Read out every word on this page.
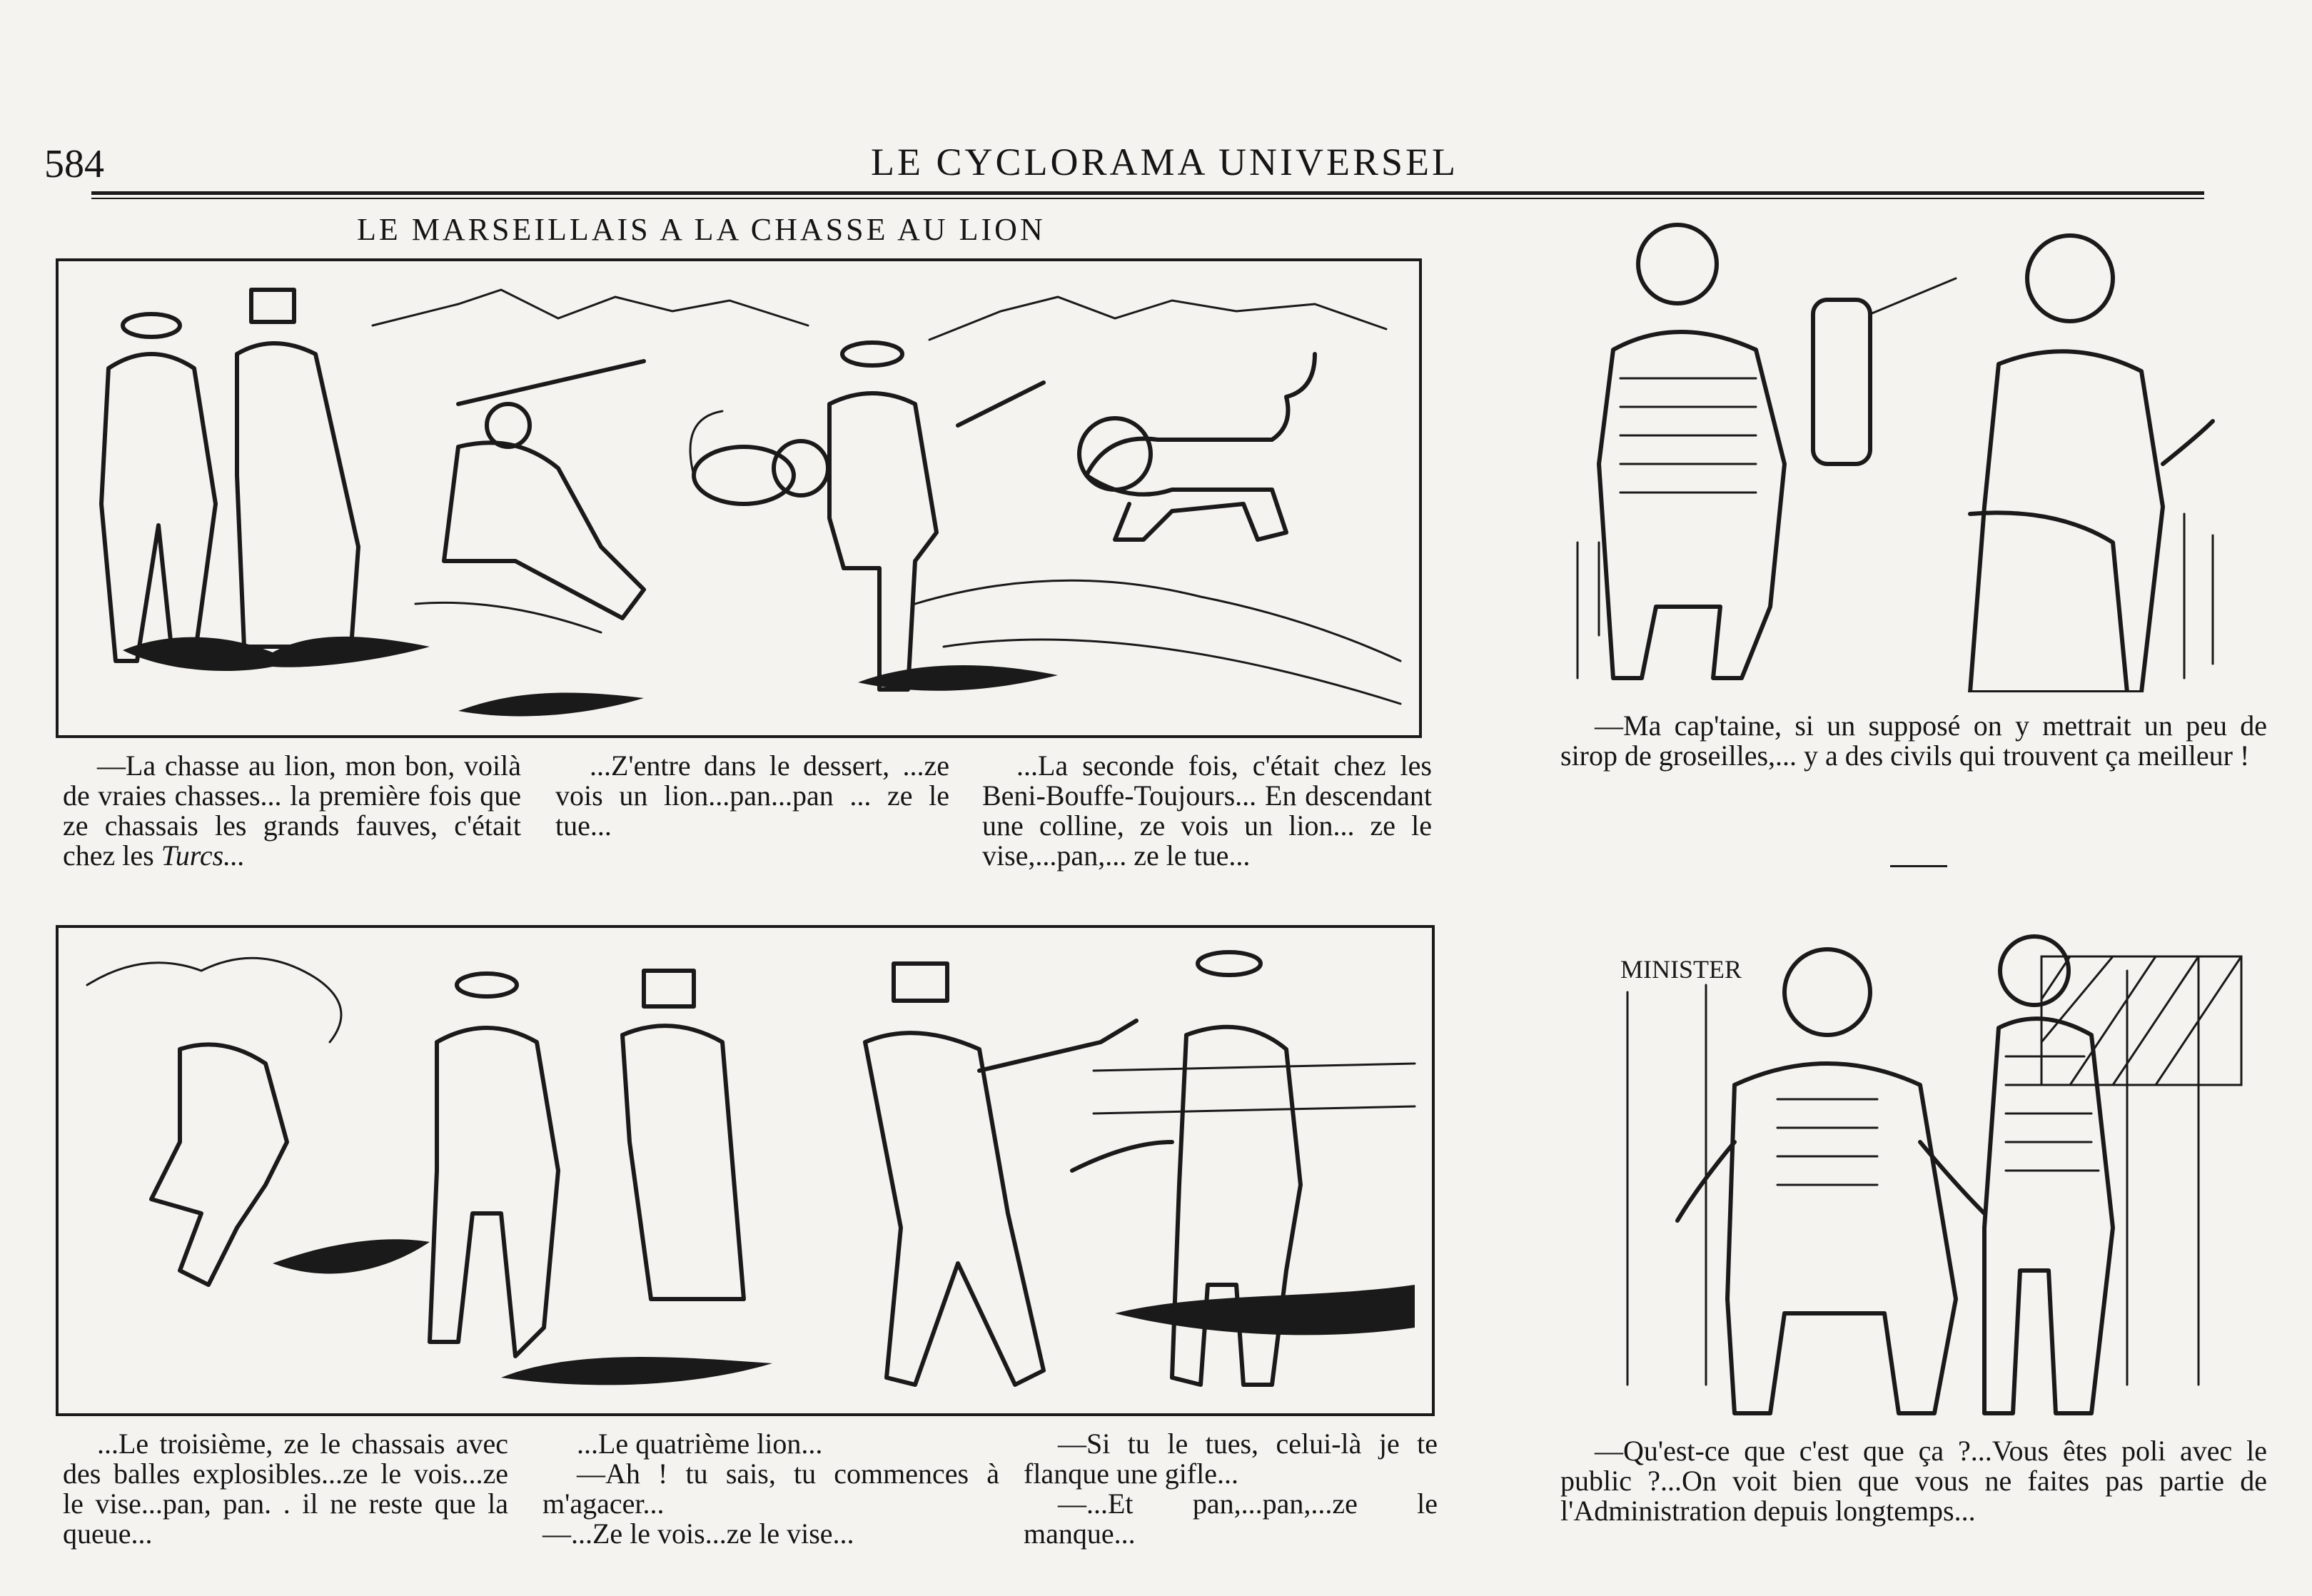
584	LE CYCLORAMA UNIVERSEL
LE MARSEILLAIS A LA CHASSE AU LION

—La chasse au lion, mon bon, voilà de vraies chasses... la première fois que ze chassais les grands fauves, c'était chez les Turcs...

...Z'entre dans le dessert, ...ze vois un lion...pan...pan ... ze le tue...

...La seconde fois, c'était chez les Beni-Bouffe-Toujours... En descendant une colline, ze vois un lion... ze le vise,...pan,... ze le tue...

...Le troisième, ze le chassais avec des balles explosibles...ze le vois...ze le vise...pan, pan. . il ne reste que la queue...

...Le quatrième lion...

—Ah ! tu sais, tu commences à m'agacer...

—...Ze le vois...ze le vise...

—Si tu le tues, celui-là je te flanque une gifle...

—...Et pan,...pan,...ze le manque...

—Ma cap'taine, si un supposé on y mettrait un peu de sirop de groseilles,... y a des civils qui trouvent ça meilleur !

MINISTER

—Qu'est-ce que c'est que ça ?...Vous êtes poli avec le public ?...On voit bien que vous ne faites pas partie de l'Administration depuis longtemps...
